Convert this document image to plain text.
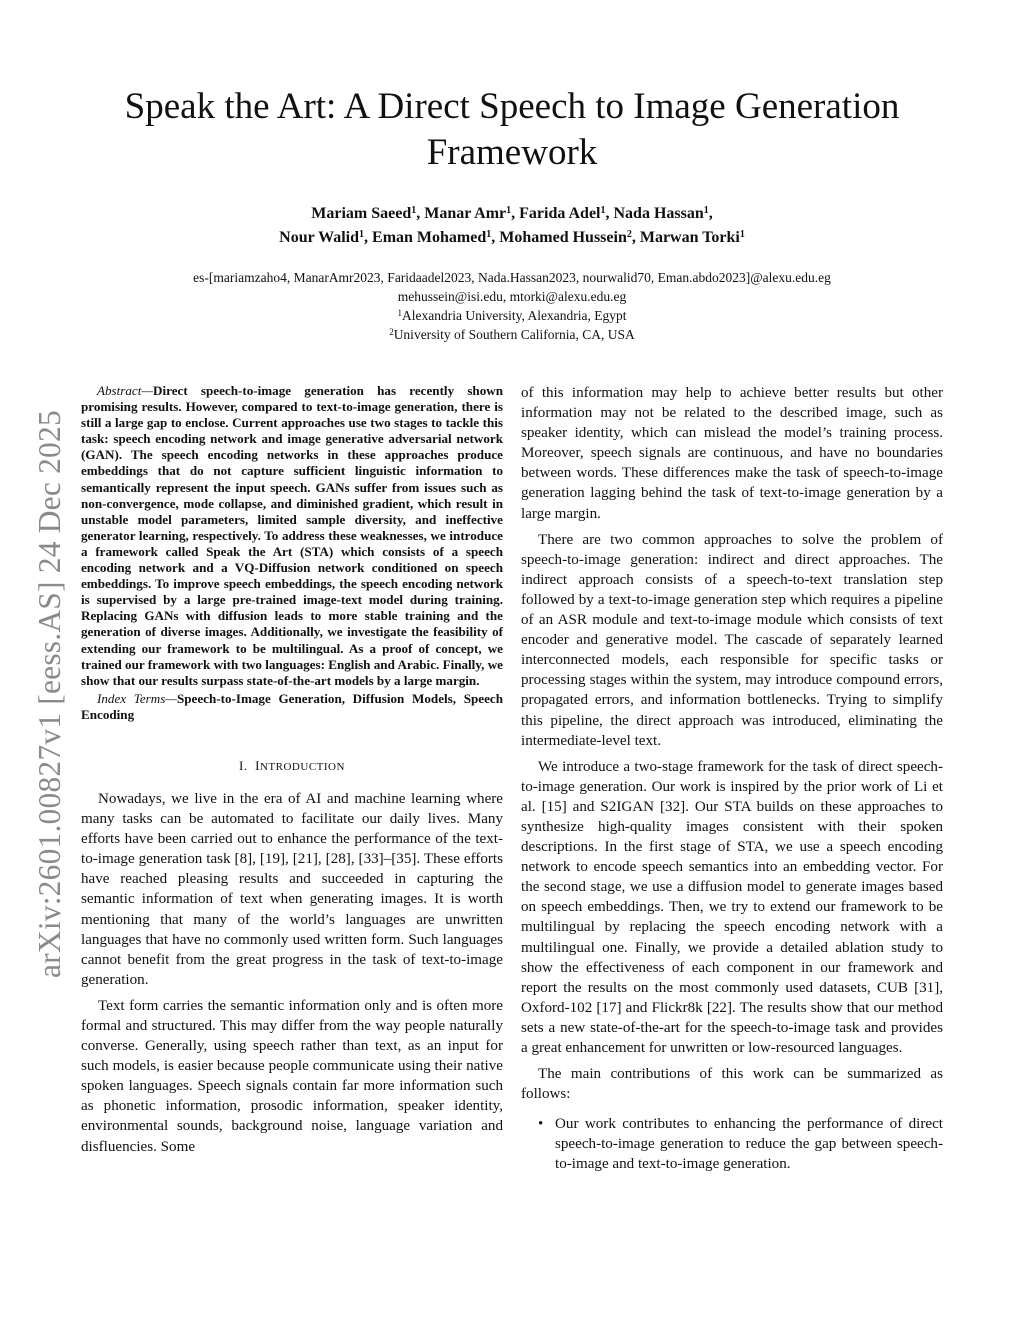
arXiv:2601.00827v1 [eess.AS] 24 Dec 2025
Speak the Art: A Direct Speech to Image Generation Framework
Mariam Saeed$^1$, Manar Amr$^1$, Farida Adel$^1$, Nada Hassan$^1$,
Nour Walid$^1$, Eman Mohamed$^1$, Mohamed Hussein$^2$, Marwan Torki$^1$
es-[mariamzaho4, ManarAmr2023, Faridaadel2023, Nada.Hassan2023, nourwalid70, Eman.abdo2023]@alexu.edu.eg
mehussein@isi.edu, mtorki@alexu.edu.eg
$^1$Alexandria University, Alexandria, Egypt
$^2$University of Southern California, CA, USA

Abstract—Direct speech-to-image generation has recently shown promising results. However, compared to text-to-image generation, there is still a large gap to enclose. Current approaches use two stages to tackle this task: speech encoding network and image generative adversarial network (GAN). The speech encoding networks in these approaches produce embeddings that do not capture sufficient linguistic information to semantically represent the input speech. GANs suffer from issues such as non-convergence, mode collapse, and diminished gradient, which result in unstable model parameters, limited sample diversity, and ineffective generator learning, respectively. To address these weaknesses, we introduce a framework called Speak the Art (STA) which consists of a speech encoding network and a VQ-Diffusion network conditioned on speech embeddings. To improve speech embeddings, the speech encoding network is supervised by a large pre-trained image-text model during training. Replacing GANs with diffusion leads to more stable training and the generation of diverse images. Additionally, we investigate the feasibility of extending our framework to be multilingual. As a proof of concept, we trained our framework with two languages: English and Arabic. Finally, we show that our results surpass state-of-the-art models by a large margin.

Index Terms—Speech-to-Image Generation, Diffusion Models, Speech Encoding

I. INTRODUCTION

Nowadays, we live in the era of AI and machine learning where many tasks can be automated to facilitate our daily lives. Many efforts have been carried out to enhance the performance of the text-to-image generation task [8], [19], [21], [28], [33]–[35]. These efforts have reached pleasing results and succeeded in capturing the semantic information of text when generating images. It is worth mentioning that many of the world’s languages are unwritten languages that have no commonly used written form. Such languages cannot benefit from the great progress in the task of text-to-image generation.

Text form carries the semantic information only and is often more formal and structured. This may differ from the way people naturally converse. Generally, using speech rather than text, as an input for such models, is easier because people communicate using their native spoken languages. Speech signals contain far more information such as phonetic information, prosodic information, speaker identity, environmental sounds, background noise, language variation and disfluencies. Some

of this information may help to achieve better results but other information may not be related to the described image, such as speaker identity, which can mislead the model’s training process. Moreover, speech signals are continuous, and have no boundaries between words. These differences make the task of speech-to-image generation lagging behind the task of text-to-image generation by a large margin.

There are two common approaches to solve the problem of speech-to-image generation: indirect and direct approaches. The indirect approach consists of a speech-to-text translation step followed by a text-to-image generation step which requires a pipeline of an ASR module and text-to-image module which consists of text encoder and generative model. The cascade of separately learned interconnected models, each responsible for specific tasks or processing stages within the system, may introduce compound errors, propagated errors, and information bottlenecks. Trying to simplify this pipeline, the direct approach was introduced, eliminating the intermediate-level text.

We introduce a two-stage framework for the task of direct speech-to-image generation. Our work is inspired by the prior work of Li et al. [15] and S2IGAN [32]. Our STA builds on these approaches to synthesize high-quality images consistent with their spoken descriptions. In the first stage of STA, we use a speech encoding network to encode speech semantics into an embedding vector. For the second stage, we use a diffusion model to generate images based on speech embeddings. Then, we try to extend our framework to be multilingual by replacing the speech encoding network with a multilingual one. Finally, we provide a detailed ablation study to show the effectiveness of each component in our framework and report the results on the most commonly used datasets, CUB [31], Oxford-102 [17] and Flickr8k [22]. The results show that our method sets a new state-of-the-art for the speech-to-image task and provides a great enhancement for unwritten or low-resourced languages.

The main contributions of this work can be summarized as follows:

• Our work contributes to enhancing the performance of direct speech-to-image generation to reduce the gap between speech-to-image and text-to-image generation.
